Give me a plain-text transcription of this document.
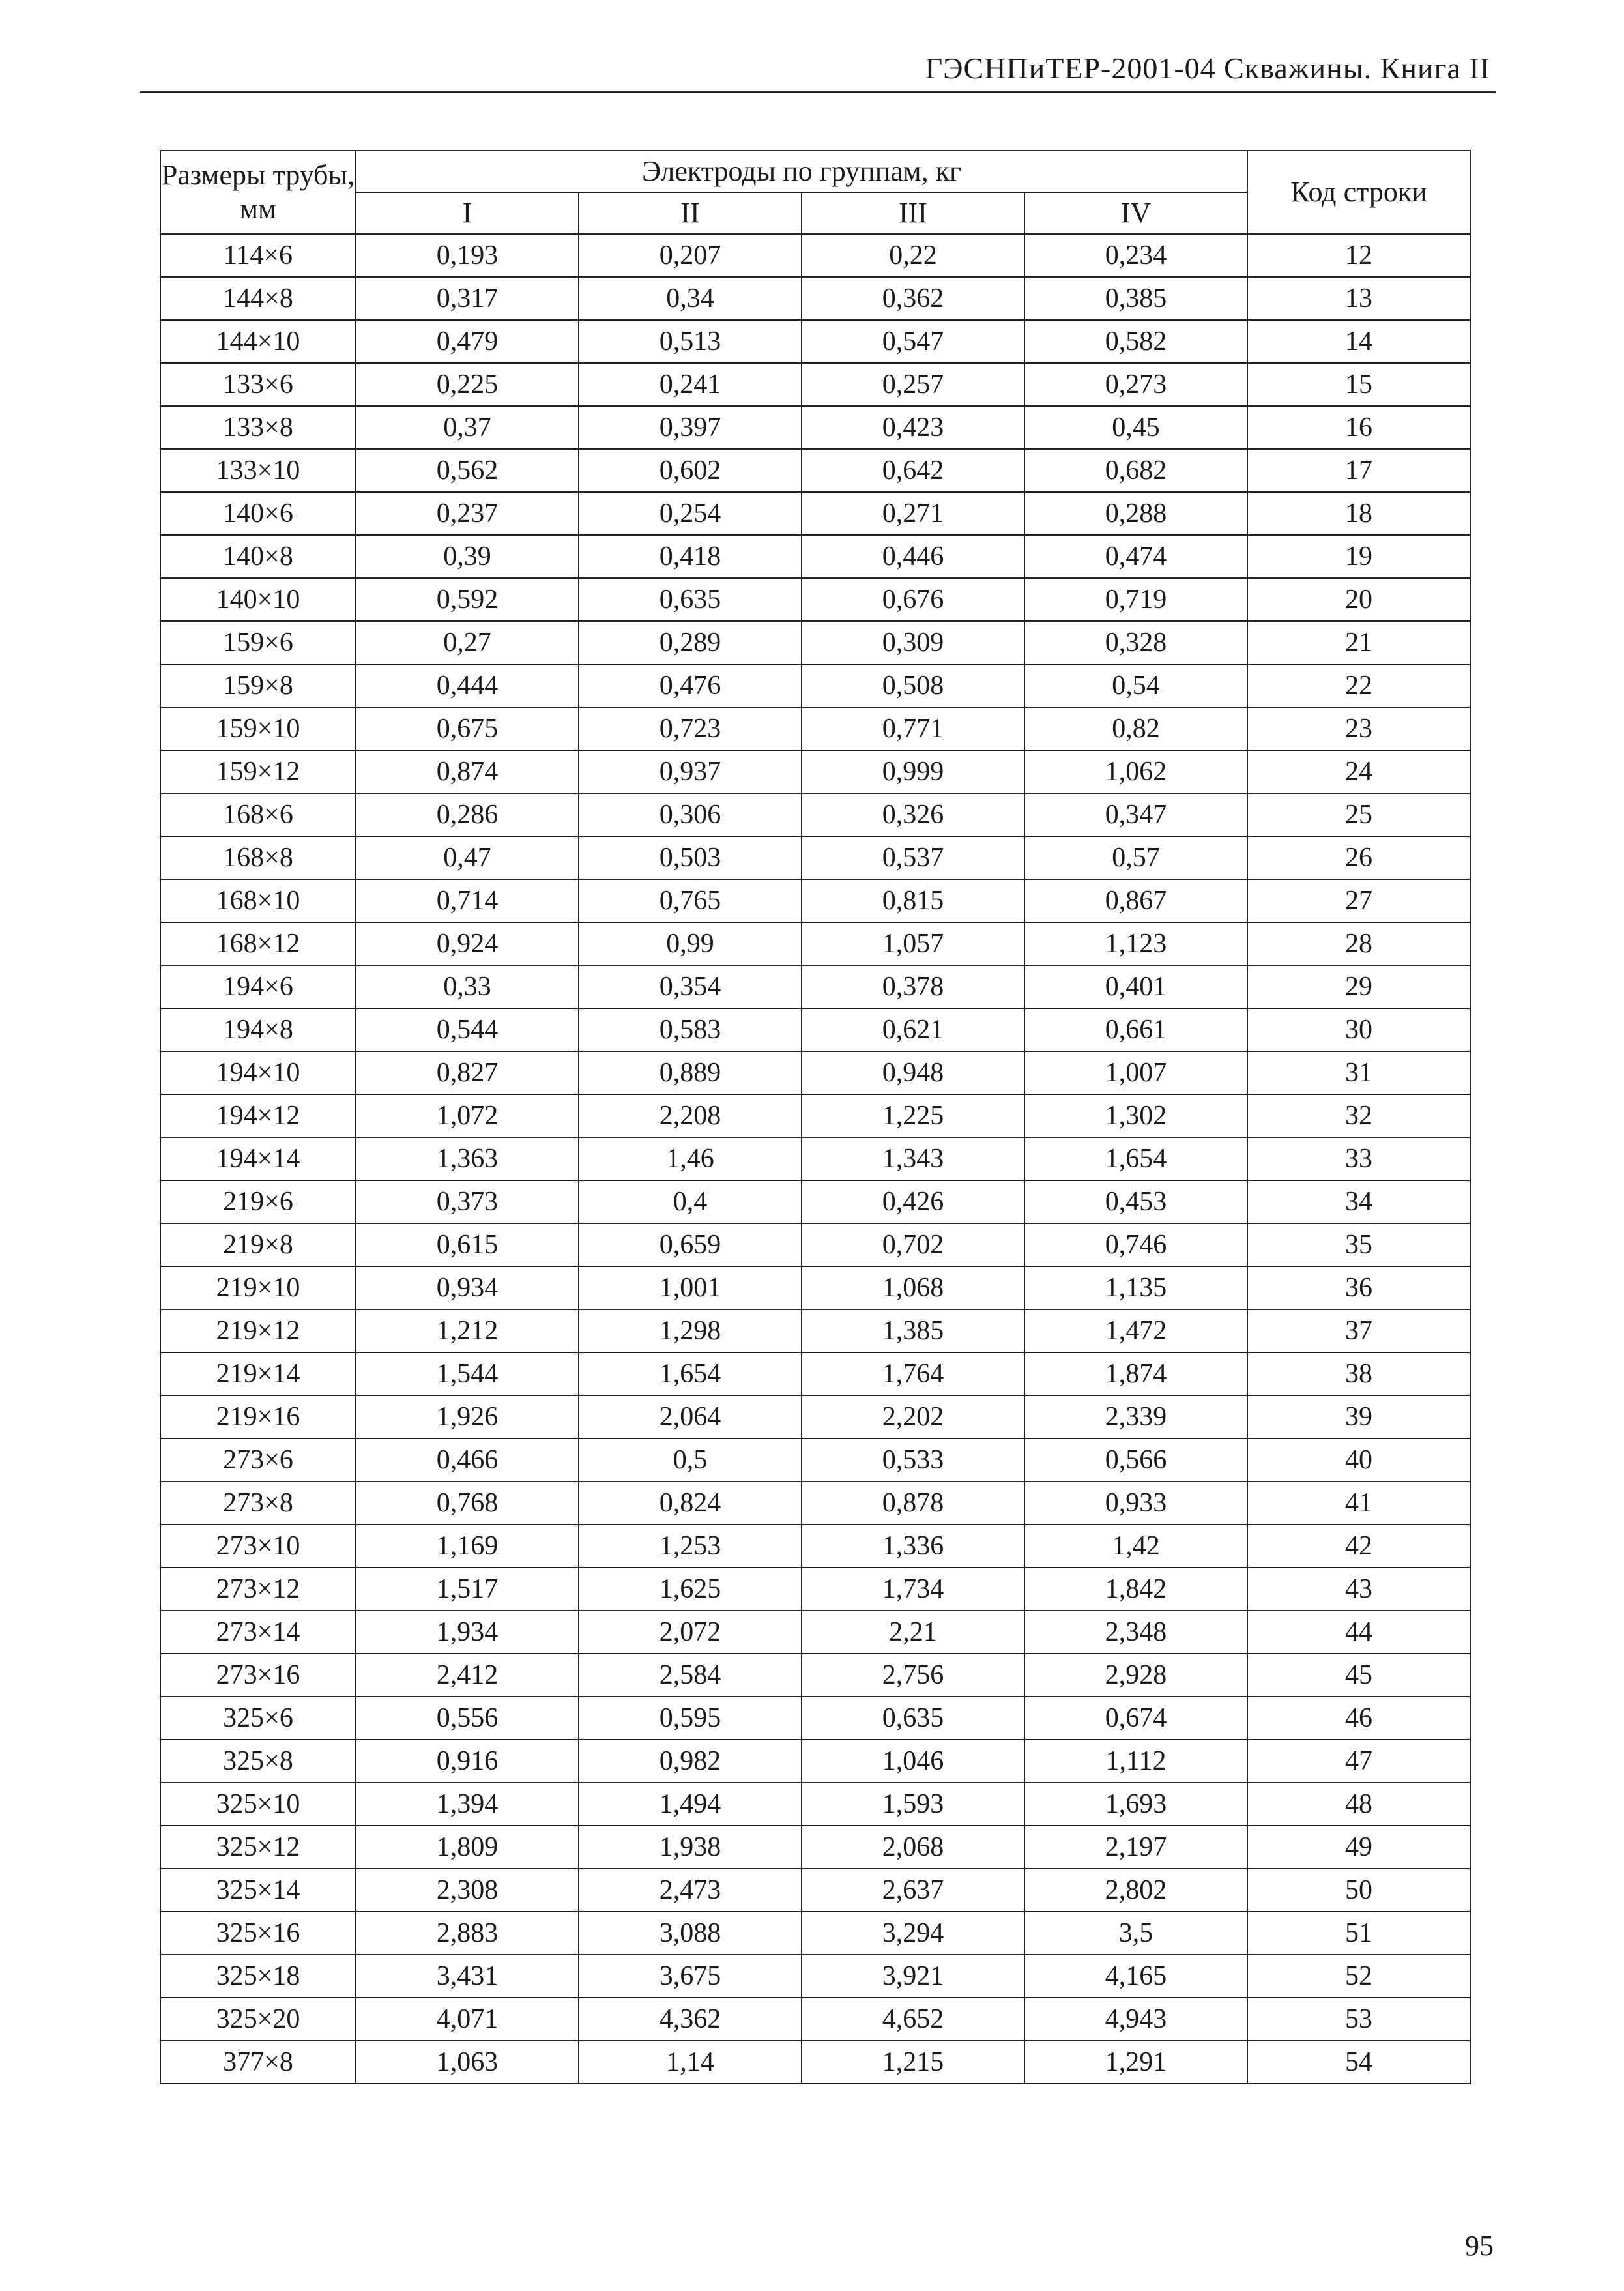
ГЭСНПиТЕР-2001-04 Скважины. Книга II
Размеры трубы, мм	Электроды по группам, кг				Код строки
	I	II	III	IV	
114×6	0,193	0,207	0,22	0,234	12
144×8	0,317	0,34	0,362	0,385	13
144×10	0,479	0,513	0,547	0,582	14
133×6	0,225	0,241	0,257	0,273	15
133×8	0,37	0,397	0,423	0,45	16
133×10	0,562	0,602	0,642	0,682	17
140×6	0,237	0,254	0,271	0,288	18
140×8	0,39	0,418	0,446	0,474	19
140×10	0,592	0,635	0,676	0,719	20
159×6	0,27	0,289	0,309	0,328	21
159×8	0,444	0,476	0,508	0,54	22
159×10	0,675	0,723	0,771	0,82	23
159×12	0,874	0,937	0,999	1,062	24
168×6	0,286	0,306	0,326	0,347	25
168×8	0,47	0,503	0,537	0,57	26
168×10	0,714	0,765	0,815	0,867	27
168×12	0,924	0,99	1,057	1,123	28
194×6	0,33	0,354	0,378	0,401	29
194×8	0,544	0,583	0,621	0,661	30
194×10	0,827	0,889	0,948	1,007	31
194×12	1,072	2,208	1,225	1,302	32
194×14	1,363	1,46	1,343	1,654	33
219×6	0,373	0,4	0,426	0,453	34
219×8	0,615	0,659	0,702	0,746	35
219×10	0,934	1,001	1,068	1,135	36
219×12	1,212	1,298	1,385	1,472	37
219×14	1,544	1,654	1,764	1,874	38
219×16	1,926	2,064	2,202	2,339	39
273×6	0,466	0,5	0,533	0,566	40
273×8	0,768	0,824	0,878	0,933	41
273×10	1,169	1,253	1,336	1,42	42
273×12	1,517	1,625	1,734	1,842	43
273×14	1,934	2,072	2,21	2,348	44
273×16	2,412	2,584	2,756	2,928	45
325×6	0,556	0,595	0,635	0,674	46
325×8	0,916	0,982	1,046	1,112	47
325×10	1,394	1,494	1,593	1,693	48
325×12	1,809	1,938	2,068	2,197	49
325×14	2,308	2,473	2,637	2,802	50
325×16	2,883	3,088	3,294	3,5	51
325×18	3,431	3,675	3,921	4,165	52
325×20	4,071	4,362	4,652	4,943	53
377×8	1,063	1,14	1,215	1,291	54
95
